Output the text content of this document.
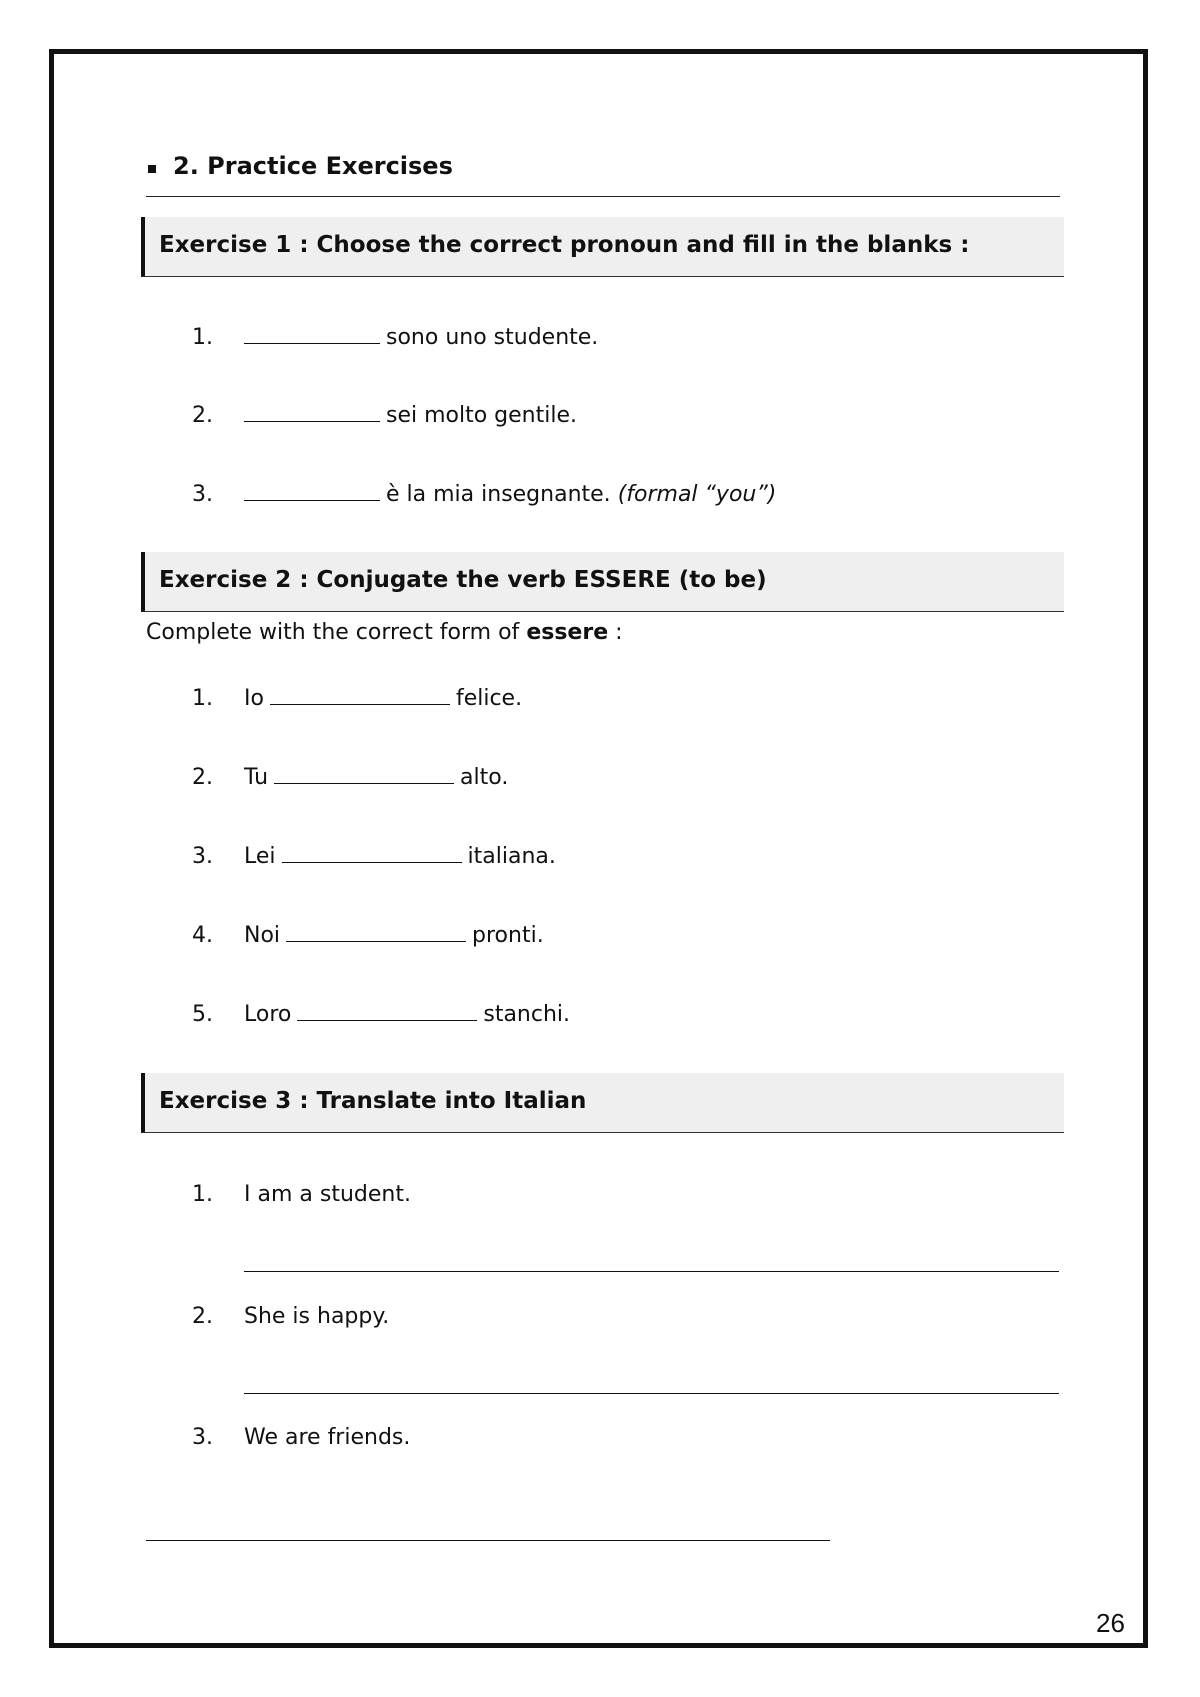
2. Practice Exercises
Exercise 1 : Choose the correct pronoun and fill in the blanks :
1.	sono uno studente.
2.	sei molto gentile.
3.	è la mia insegnante. (formal “you”)
Exercise 2 : Conjugate the verb ESSERE (to be)
Complete with the correct form of essere :
1. Io	felice.
2. Tu	alto.
3. Lei	italiana.
4. Noi	pronti.
5. Loro	stanchi.
Exercise 3 : Translate into Italian
1. I am a student.
2. She is happy.
3. We are friends.
26
